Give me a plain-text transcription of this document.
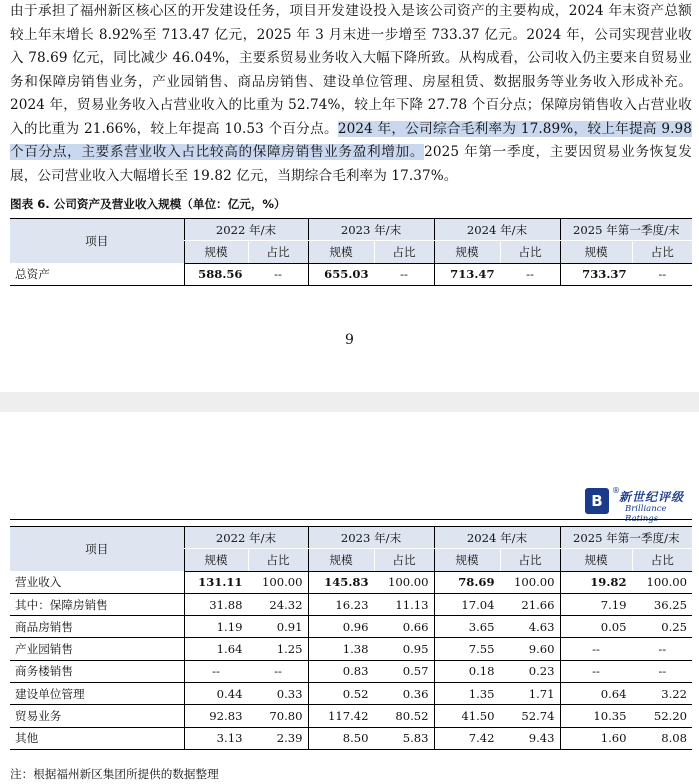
由于承担了福州新区核心区的开发建设任务，项目开发建设投入是该公司资产的主要构成，2024 年末资产总额较上年末增长 8.92%至 713.47 亿元，2025 年 3 月末进一步增至 733.37 亿元。2024 年，公司实现营业收入 78.69 亿元，同比减少 46.04%，主要系贸易业务收入大幅下降所致。从构成看，公司收入仍主要来自贸易业务和保障房销售业务，产业园销售、商品房销售、建设单位管理、房屋租赁、数据服务等业务收入形成补充。2024 年，贸易业务收入占营业收入的比重为 52.74%，较上年下降 27.78 个百分点；保障房销售收入占营业收入的比重为 21.66%，较上年提高 10.53 个百分点。2024 年，公司综合毛利率为 17.89%，较上年提高 9.98 个百分点，主要系营业收入占比较高的保障房销售业务盈利增加。2025 年第一季度，主要因贸易业务恢复发展，公司营业收入大幅增长至 19.82 亿元，当期综合毛利率为 17.37%。
图表 6. 公司资产及营业收入规模（单位：亿元，%）
项目	2022 年/末		2023 年/末		2024 年/末		2025 年第一季度/末	
	规模	占比	规模	占比	规模	占比	规模	占比
总资产	588.56	--	655.03	--	713.47	--	733.37	--
9
B
® 新世纪评级
Brilliance Ratings
项目	2022 年/末		2023 年/末		2024 年/末		2025 年第一季度/末	
	规模	占比	规模	占比	规模	占比	规模	占比
营业收入	131.11	100.00	145.83	100.00	78.69	100.00	19.82	100.00
其中：保障房销售	31.88	24.32	16.23	11.13	17.04	21.66	7.19	36.25
商品房销售	1.19	0.91	0.96	0.66	3.65	4.63	0.05	0.25
产业园销售	1.64	1.25	1.38	0.95	7.55	9.60	--	--
商务楼销售	--	--	0.83	0.57	0.18	0.23	--	--
建设单位管理	0.44	0.33	0.52	0.36	1.35	1.71	0.64	3.22
贸易业务	92.83	70.80	117.42	80.52	41.50	52.74	10.35	52.20
其他	3.13	2.39	8.50	5.83	7.42	9.43	1.60	8.08
注：根据福州新区集团所提供的数据整理
